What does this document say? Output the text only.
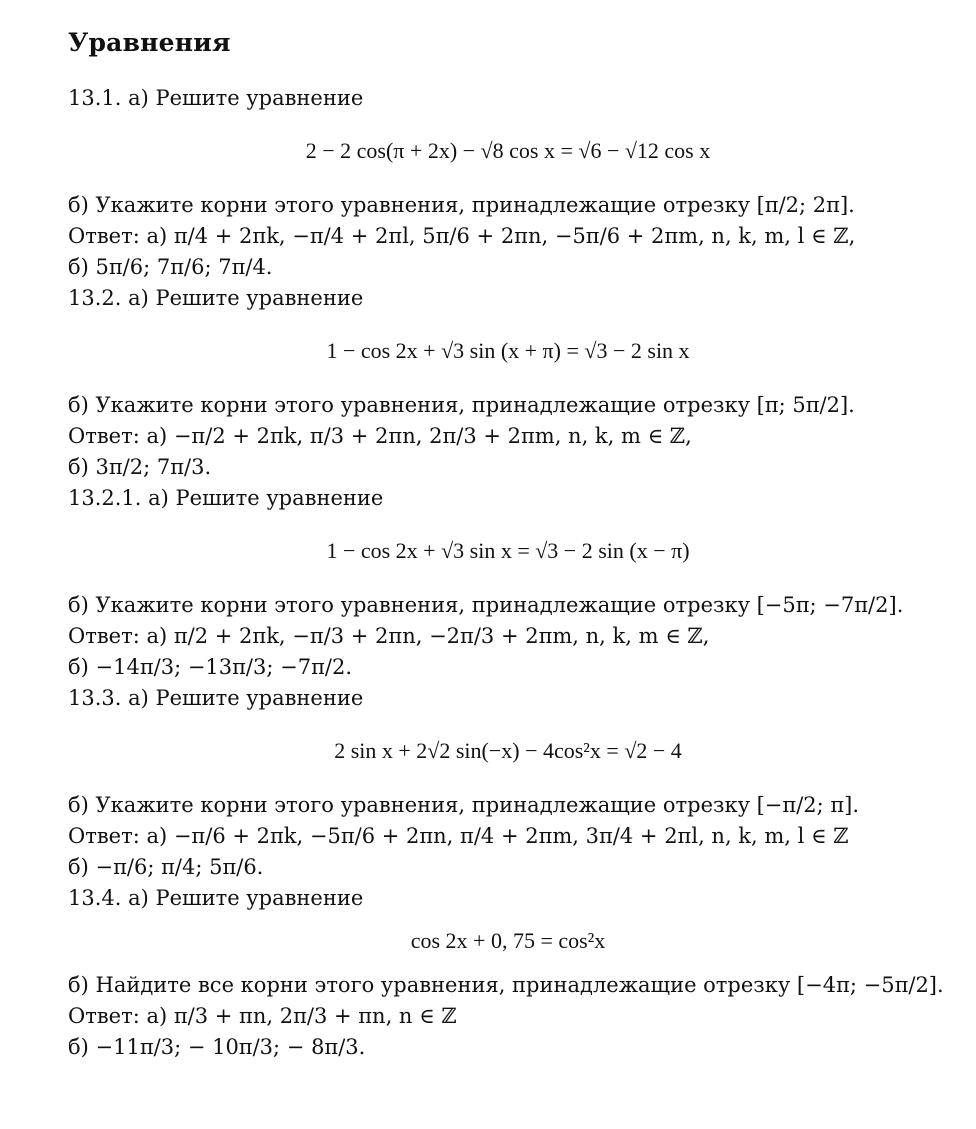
Уравнения
13.1. а) Решите уравнение
2 − 2 cos(π + 2x) − √8 cos x = √6 − √12 cos x
б) Укажите корни этого уравнения, принадлежащие отрезку [π/2; 2π].
Ответ: а) π/4 + 2πk, −π/4 + 2πl, 5π/6 + 2πn, −5π/6 + 2πm, n, k, m, l ∈ ℤ,
б) 5π/6; 7π/6; 7π/4.
13.2. а) Решите уравнение
1 − cos 2x + √3 sin (x + π) = √3 − 2 sin x
б) Укажите корни этого уравнения, принадлежащие отрезку [π; 5π/2].
Ответ: а) −π/2 + 2πk, π/3 + 2πn, 2π/3 + 2πm, n, k, m ∈ ℤ,
б) 3π/2; 7π/3.
13.2.1. а) Решите уравнение
1 − cos 2x + √3 sin x = √3 − 2 sin (x − π)
б) Укажите корни этого уравнения, принадлежащие отрезку [−5π; −7π/2].
Ответ: а) π/2 + 2πk, −π/3 + 2πn, −2π/3 + 2πm, n, k, m ∈ ℤ,
б) −14π/3; −13π/3; −7π/2.
13.3. а) Решите уравнение
2 sin x + 2√2 sin(−x) − 4cos²x = √2 − 4
б) Укажите корни этого уравнения, принадлежащие отрезку [−π/2; π].
Ответ: а) −π/6 + 2πk, −5π/6 + 2πn, π/4 + 2πm, 3π/4 + 2πl, n, k, m, l ∈ ℤ
б) −π/6; π/4; 5π/6.
13.4. а) Решите уравнение
cos 2x + 0, 75 = cos²x
б) Найдите все корни этого уравнения, принадлежащие отрезку [−4π; −5π/2].
Ответ: а) π/3 + πn, 2π/3 + πn, n ∈ ℤ
б) −11π/3; − 10π/3; − 8π/3.
